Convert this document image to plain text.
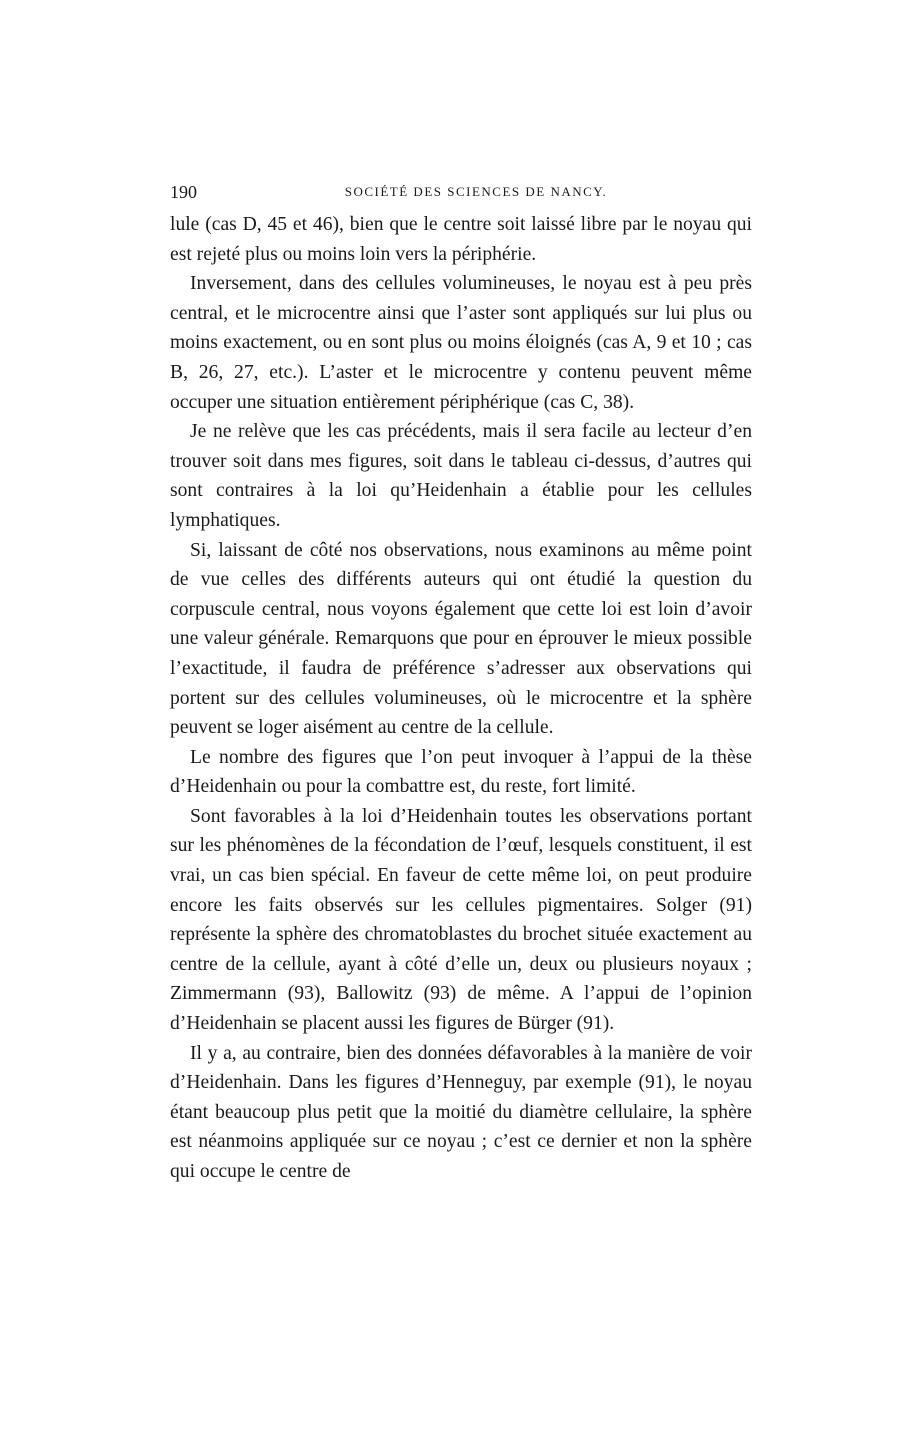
190	SOCIÉTÉ DES SCIENCES DE NANCY.

lule (cas D, 45 et 46), bien que le centre soit laissé libre par le noyau qui est rejeté plus ou moins loin vers la périphérie.

Inversement, dans des cellules volumineuses, le noyau est à peu près central, et le microcentre ainsi que l’aster sont appliqués sur lui plus ou moins exactement, ou en sont plus ou moins éloignés (cas A, 9 et 10 ; cas B, 26, 27, etc.). L’aster et le microcentre y contenu peuvent même occuper une situation entièrement périphérique (cas C, 38).

Je ne relève que les cas précédents, mais il sera facile au lecteur d’en trouver soit dans mes figures, soit dans le tableau ci-dessus, d’autres qui sont contraires à la loi qu’Heidenhain a établie pour les cellules lymphatiques.

Si, laissant de côté nos observations, nous examinons au même point de vue celles des différents auteurs qui ont étudié la question du corpuscule central, nous voyons également que cette loi est loin d’avoir une valeur générale. Remarquons que pour en éprouver le mieux possible l’exactitude, il faudra de préférence s’adresser aux observations qui portent sur des cellules volumineuses, où le microcentre et la sphère peuvent se loger aisément au centre de la cellule.

Le nombre des figures que l’on peut invoquer à l’appui de la thèse d’Heidenhain ou pour la combattre est, du reste, fort limité.

Sont favorables à la loi d’Heidenhain toutes les observations portant sur les phénomènes de la fécondation de l’œuf, lesquels constituent, il est vrai, un cas bien spécial. En faveur de cette même loi, on peut produire encore les faits observés sur les cellules pigmentaires. Solger (91) représente la sphère des chromatoblastes du brochet située exactement au centre de la cellule, ayant à côté d’elle un, deux ou plusieurs noyaux ; Zimmermann (93), Ballowitz (93) de même. A l’appui de l’opinion d’Heidenhain se placent aussi les figures de Bürger (91).

Il y a, au contraire, bien des données défavorables à la manière de voir d’Heidenhain. Dans les figures d’Henneguy, par exemple (91), le noyau étant beaucoup plus petit que la moitié du diamètre cellulaire, la sphère est néanmoins appliquée sur ce noyau ; c’est ce dernier et non la sphère qui occupe le centre de
